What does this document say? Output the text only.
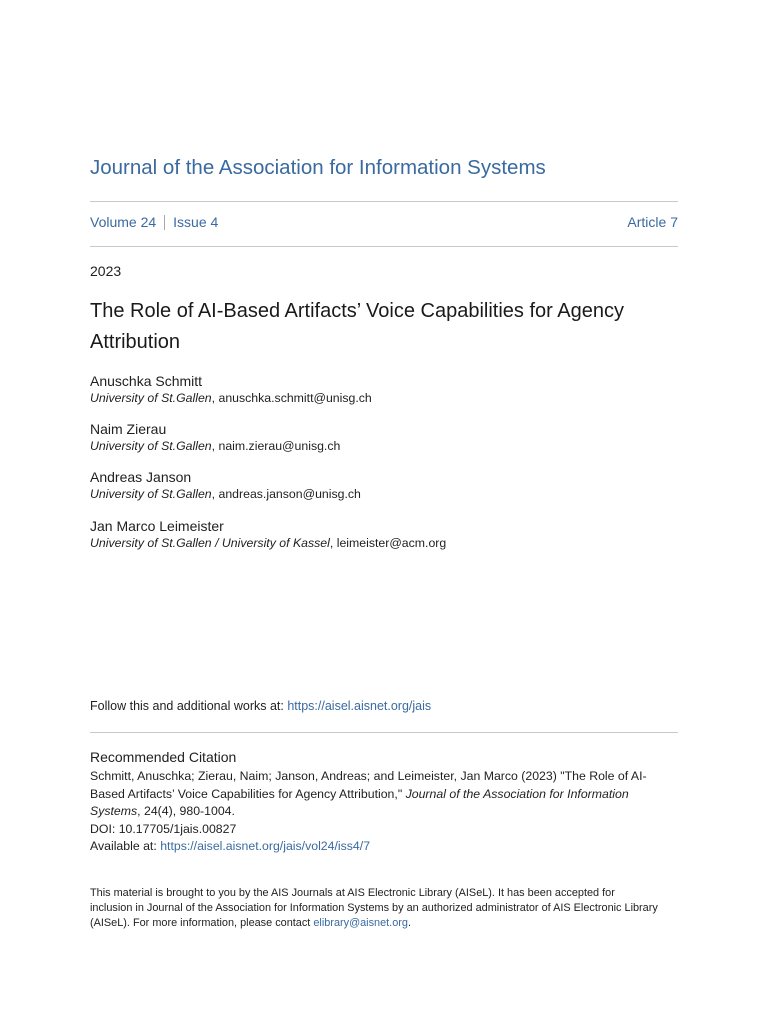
Journal of the Association for Information Systems
Volume 24 Issue 4	Article 7
2023
The Role of AI-Based Artifacts’ Voice Capabilities for Agency Attribution
Anuschka Schmitt
University of St.Gallen, anuschka.schmitt@unisg.ch
Naim Zierau
University of St.Gallen, naim.zierau@unisg.ch
Andreas Janson
University of St.Gallen, andreas.janson@unisg.ch
Jan Marco Leimeister
University of St.Gallen / University of Kassel, leimeister@acm.org
Follow this and additional works at: https://aisel.aisnet.org/jais
Recommended Citation
Schmitt, Anuschka; Zierau, Naim; Janson, Andreas; and Leimeister, Jan Marco (2023) "The Role of AI-Based Artifacts’ Voice Capabilities for Agency Attribution," Journal of the Association for Information Systems, 24(4), 980-1004.
DOI: 10.17705/1jais.00827
Available at: https://aisel.aisnet.org/jais/vol24/iss4/7
This material is brought to you by the AIS Journals at AIS Electronic Library (AISeL). It has been accepted for inclusion in Journal of the Association for Information Systems by an authorized administrator of AIS Electronic Library (AISeL). For more information, please contact elibrary@aisnet.org.
